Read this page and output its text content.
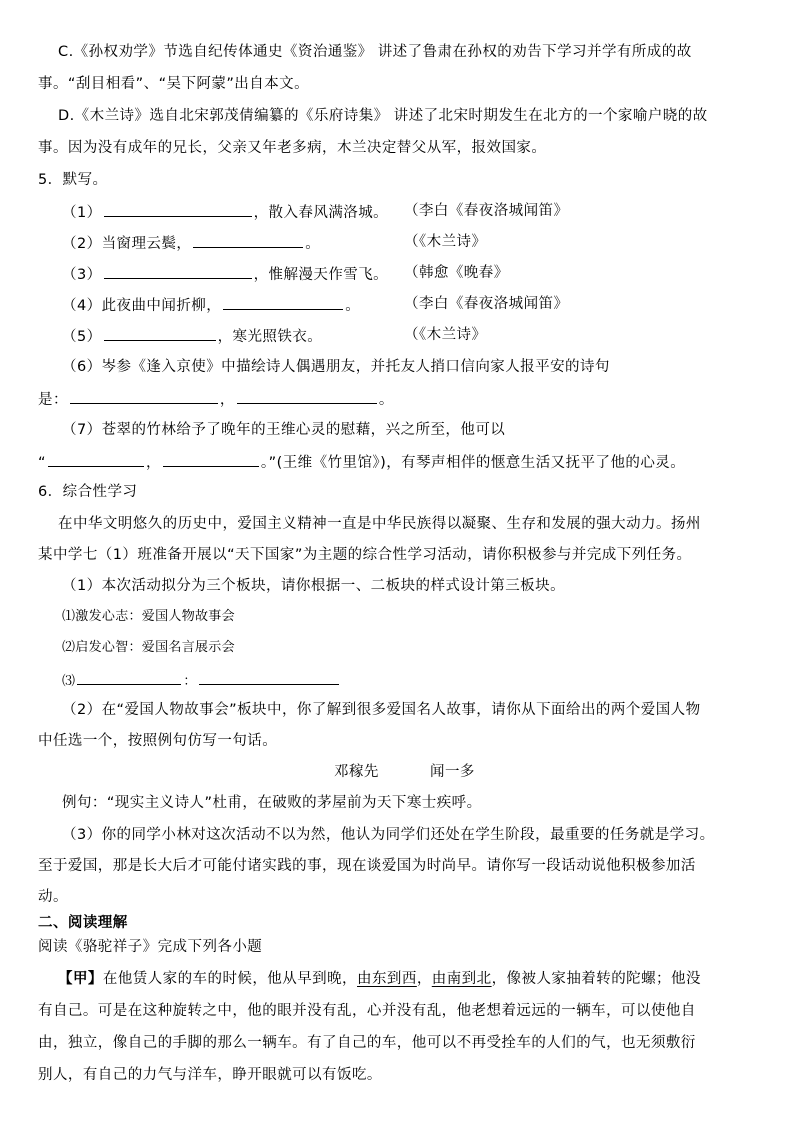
C.《孙权劝学》节选自纪传体通史《资治通鉴》 讲述了鲁肃在孙权的劝告下学习并学有所成的故
事。“刮目相看”、“吴下阿蒙”出自本文。
D.《木兰诗》选自北宋郭茂倩编纂的《乐府诗集》 讲述了北宋时期发生在北方的一个家喻户晓的故
事。因为没有成年的兄长，父亲又年老多病，木兰决定替父从军，报效国家。
5．默写。
（1）	，散入春风满洛城。 （李白《春夜洛城闻笛》
（2）当窗理云鬓，	。	（《木兰诗》
（3）	，惟解漫天作雪飞。 （韩愈《晚春》
（4）此夜曲中闻折柳，	。	（李白《春夜洛城闻笛》
（5）	，寒光照铁衣。	（《木兰诗》
（6）岑参《逢入京使》中描绘诗人偶遇朋友，并托友人捎口信向家人报平安的诗句
是：	，	。
（7）苍翠的竹林给予了晚年的王维心灵的慰藉，兴之所至，他可以
“	，	。”(王维《竹里馆》)，有琴声相伴的惬意生活又抚平了他的心灵。
6．综合性学习
在中华文明悠久的历史中，爱国主义精神一直是中华民族得以凝聚、生存和发展的强大动力。扬州
某中学七（1）班准备开展以“天下国家”为主题的综合性学习活动，请你积极参与并完成下列任务。
（1）本次活动拟分为三个板块，请你根据一、二板块的样式设计第三板块。
⑴激发心志：爱国人物故事会
⑵启发心智：爱国名言展示会
⑶	：
（2）在“爱国人物故事会”板块中，你了解到很多爱国名人故事，请你从下面给出的两个爱国人物
中任选一个，按照例句仿写一句话。
邓稼先	闻一多
例句：“现实主义诗人”杜甫，在破败的茅屋前为天下寒士疾呼。
（3）你的同学小林对这次活动不以为然，他认为同学们还处在学生阶段，最重要的任务就是学习。
至于爱国，那是长大后才可能付诸实践的事，现在谈爱国为时尚早。请你写一段话动说他积极参加活
动。
二、阅读理解
阅读《骆驼祥子》完成下列各小题
【甲】在他赁人家的车的时候，他从早到晚，由东到西，由南到北，像被人家抽着转的陀螺；他没
有自己。可是在这种旋转之中，他的眼并没有乱，心并没有乱，他老想着远远的一辆车，可以使他自
由，独立，像自己的手脚的那么一辆车。有了自己的车，他可以不再受拴车的人们的气，也无须敷衍
别人，有自己的力气与洋车，睁开眼就可以有饭吃。
